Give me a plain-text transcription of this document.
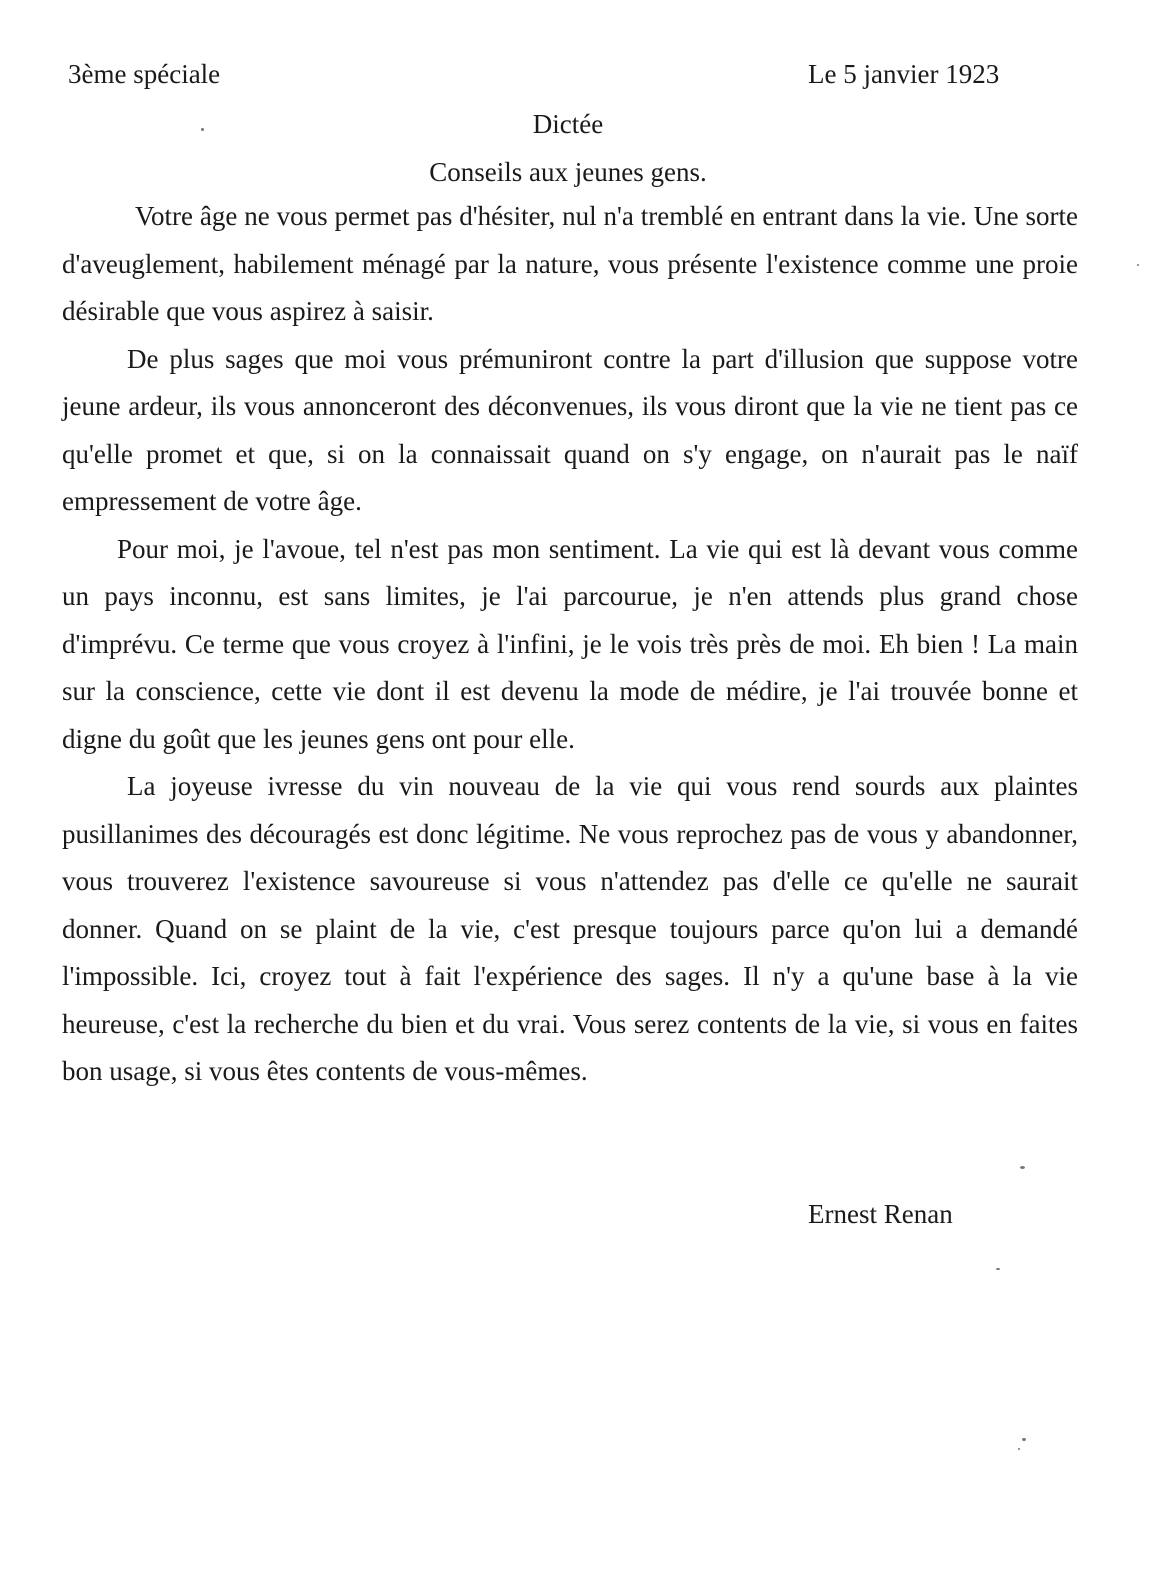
3ème spéciale	Le 5 janvier 1923
Dictée
Conseils aux jeunes gens.

Votre âge ne vous permet pas d'hésiter, nul n'a tremblé en entrant dans la vie. Une sorte d'aveuglement, habilement ménagé par la nature, vous présente l'existence comme une proie désirable que vous aspirez à saisir.

De plus sages que moi vous prémuniront contre la part d'illusion que suppose votre jeune ardeur, ils vous annonceront des déconvenues, ils vous diront que la vie ne tient pas ce qu'elle promet et que, si on la connaissait quand on s'y engage, on n'aurait pas le naïf empressement de votre âge.

Pour moi, je l'avoue, tel n'est pas mon sentiment. La vie qui est là devant vous comme un pays inconnu, est sans limites, je l'ai parcourue, je n'en attends plus grand chose d'imprévu. Ce terme que vous croyez à l'infini, je le vois très près de moi. Eh bien ! La main sur la conscience, cette vie dont il est devenu la mode de médire, je l'ai trouvée bonne et digne du goût que les jeunes gens ont pour elle.

La joyeuse ivresse du vin nouveau de la vie qui vous rend sourds aux plaintes pusillanimes des découragés est donc légitime. Ne vous reprochez pas de vous y abandonner, vous trouverez l'existence savoureuse si vous n'attendez pas d'elle ce qu'elle ne saurait donner. Quand on se plaint de la vie, c'est presque toujours parce qu'on lui a demandé l'impossible. Ici, croyez tout à fait l'expérience des sages. Il n'y a qu'une base à la vie heureuse, c'est la recherche du bien et du vrai. Vous serez contents de la vie, si vous en faites bon usage, si vous êtes contents de vous-mêmes.

Ernest Renan
